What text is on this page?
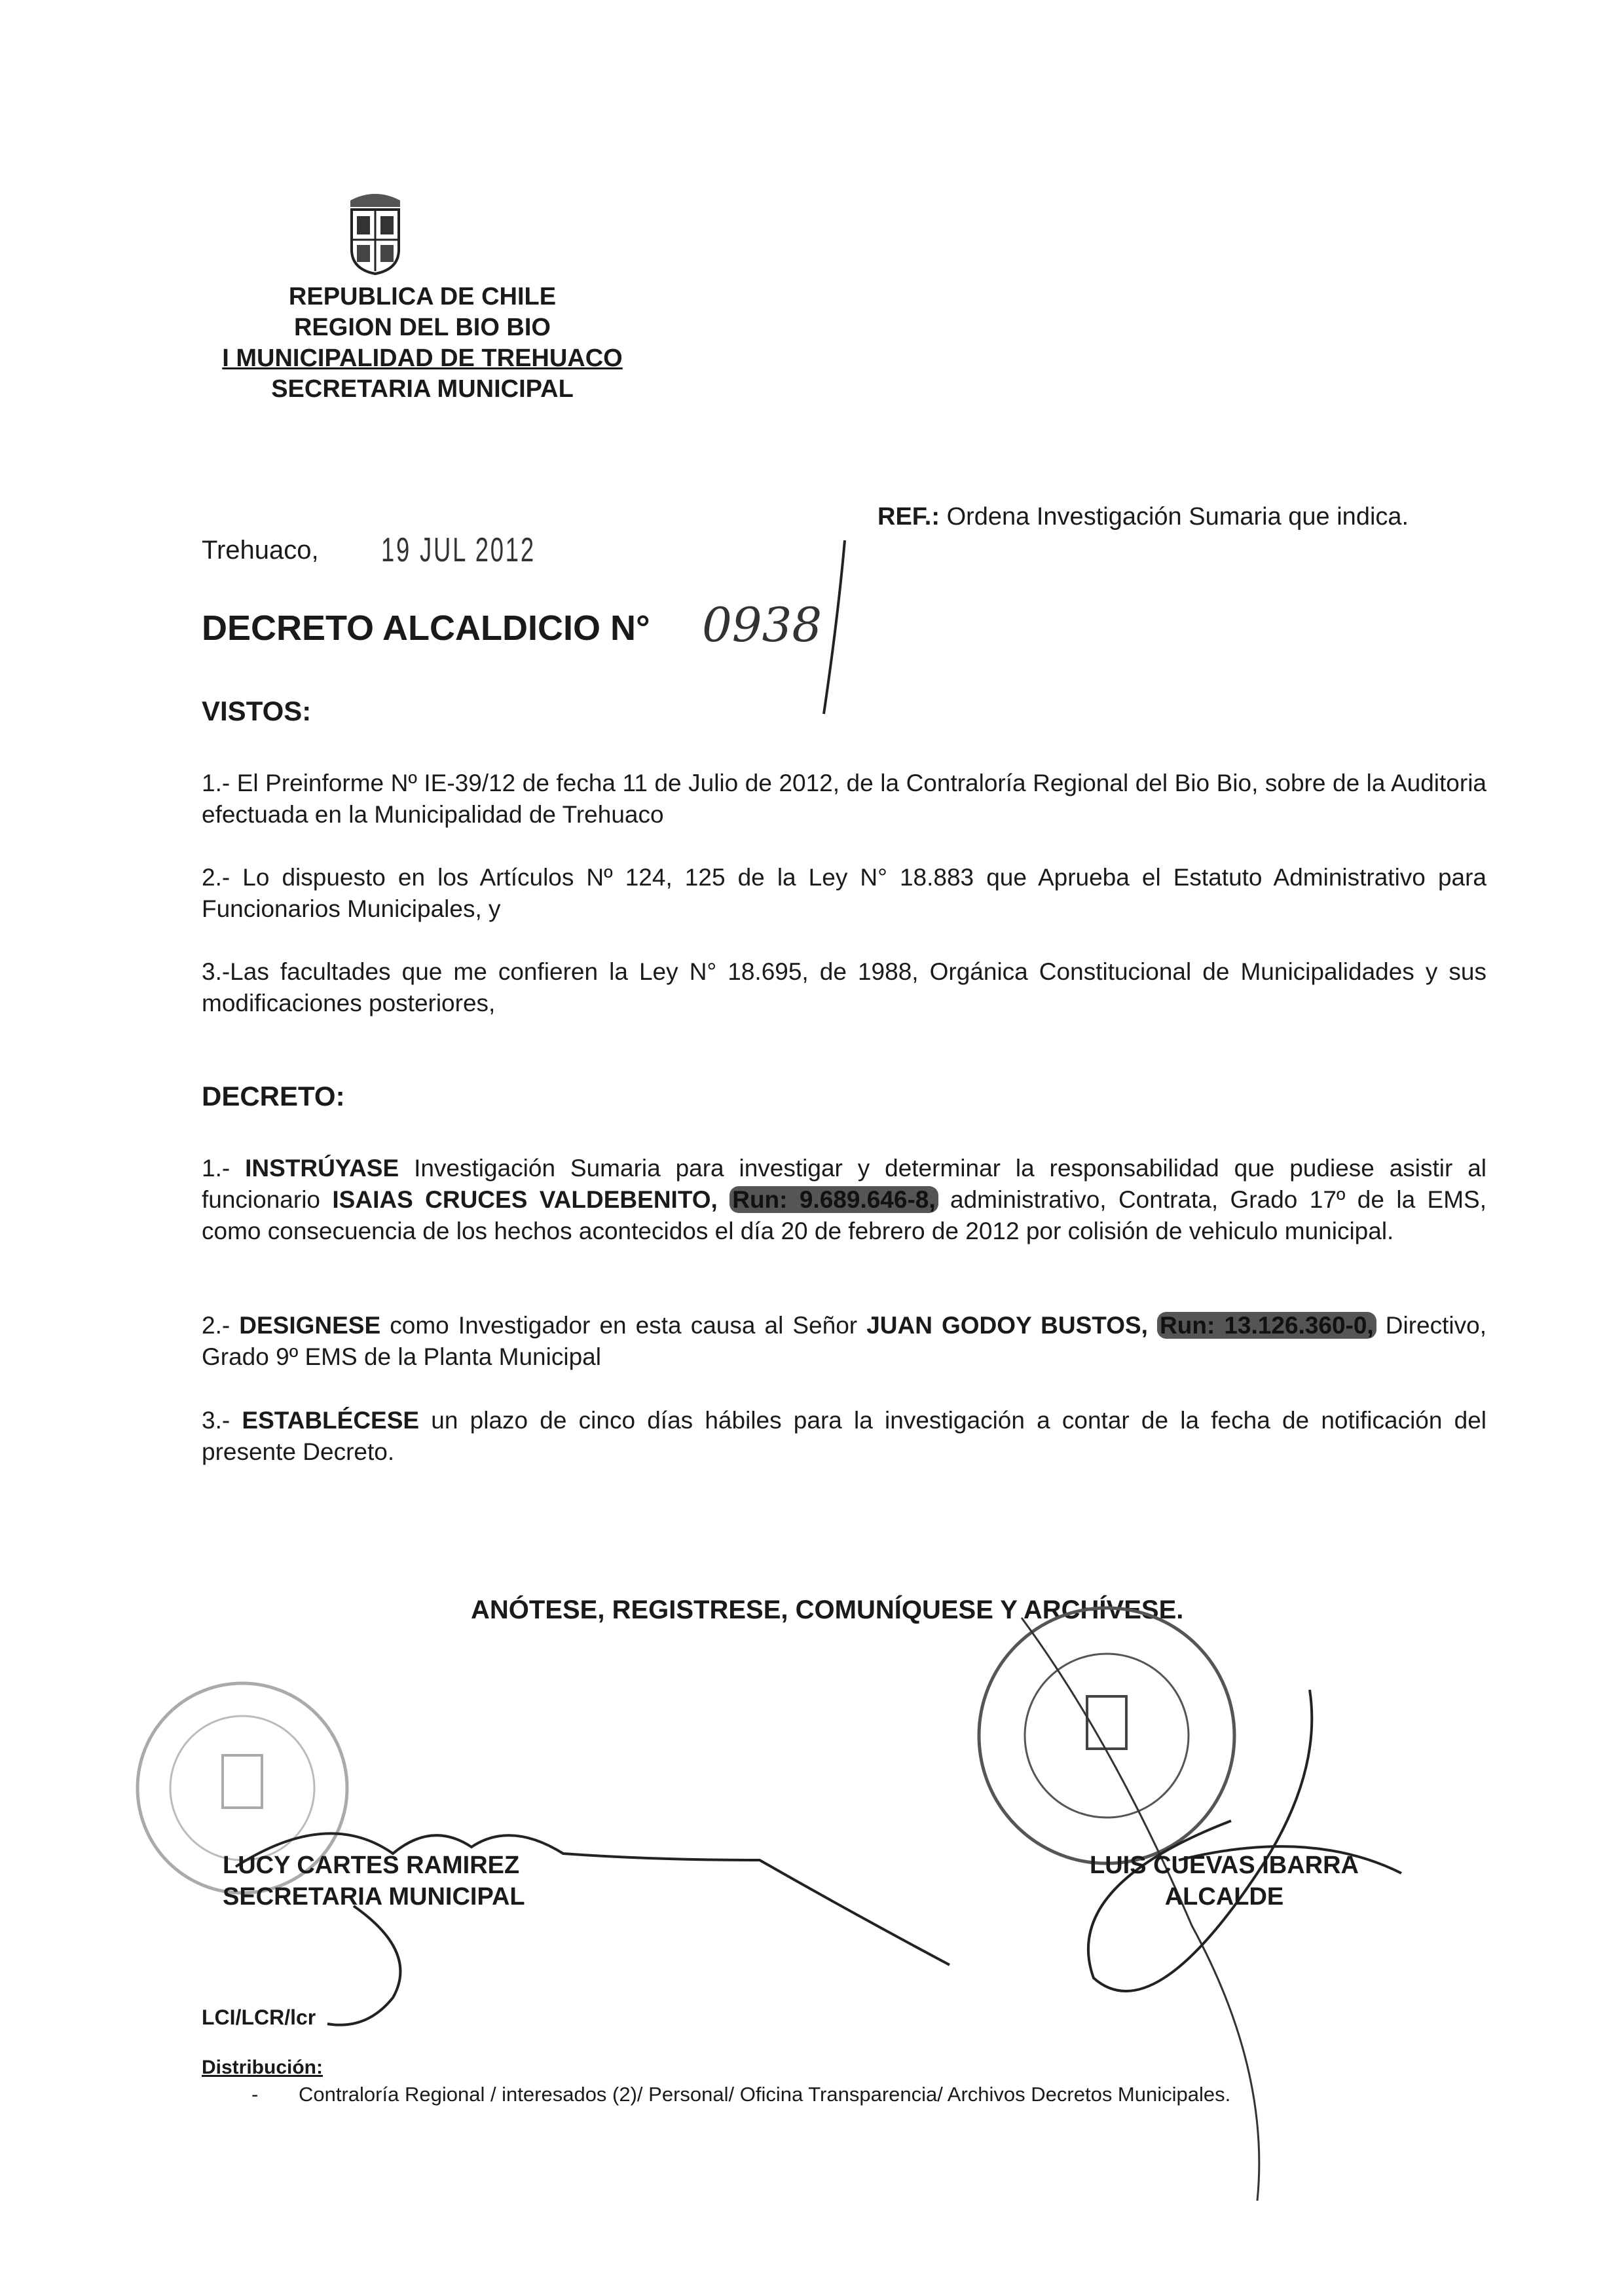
REPUBLICA DE CHILE
REGION DEL BIO BIO
I MUNICIPALIDAD DE TREHUACO
SECRETARIA MUNICIPAL
Trehuaco, 19 JUL 2012
REF.: Ordena Investigación Sumaria que indica.
DECRETO ALCALDICIO N° 0938
VISTOS:
1.- El Preinforme Nº IE-39/12 de fecha 11 de Julio de 2012, de la Contraloría Regional del Bio Bio, sobre de la Auditoria efectuada en la Municipalidad de Trehuaco
2.- Lo dispuesto en los Artículos Nº 124, 125 de la Ley N° 18.883 que Aprueba el Estatuto Administrativo para Funcionarios Municipales, y
3.-Las facultades que me confieren la Ley N° 18.695, de 1988, Orgánica Constitucional de Municipalidades y sus modificaciones posteriores,
DECRETO:
1.- INSTRÚYASE Investigación Sumaria para investigar y determinar la responsabilidad que pudiese asistir al funcionario ISAIAS CRUCES VALDEBENITO, Run: 9.689.646-8, administrativo, Contrata, Grado 17º de la EMS, como consecuencia de los hechos acontecidos el día 20 de febrero de 2012 por colisión de vehiculo municipal.
2.- DESIGNESE como Investigador en esta causa al Señor JUAN GODOY BUSTOS, Run: 13.126.360-0, Directivo, Grado 9º EMS de la Planta Municipal
3.- ESTABLÉCESE un plazo de cinco días hábiles para la investigación a contar de la fecha de notificación del presente Decreto.
ANÓTESE, REGISTRESE, COMUNÍQUESE Y ARCHÍVESE.
LUCY CARTES RAMIREZ
SECRETARIA MUNICIPAL
LUIS CUEVAS IBARRA
ALCALDE
LCI/LCR/lcr
Distribución:
- Contraloría Regional / interesados (2)/ Personal/ Oficina Transparencia/ Archivos Decretos Municipales.
